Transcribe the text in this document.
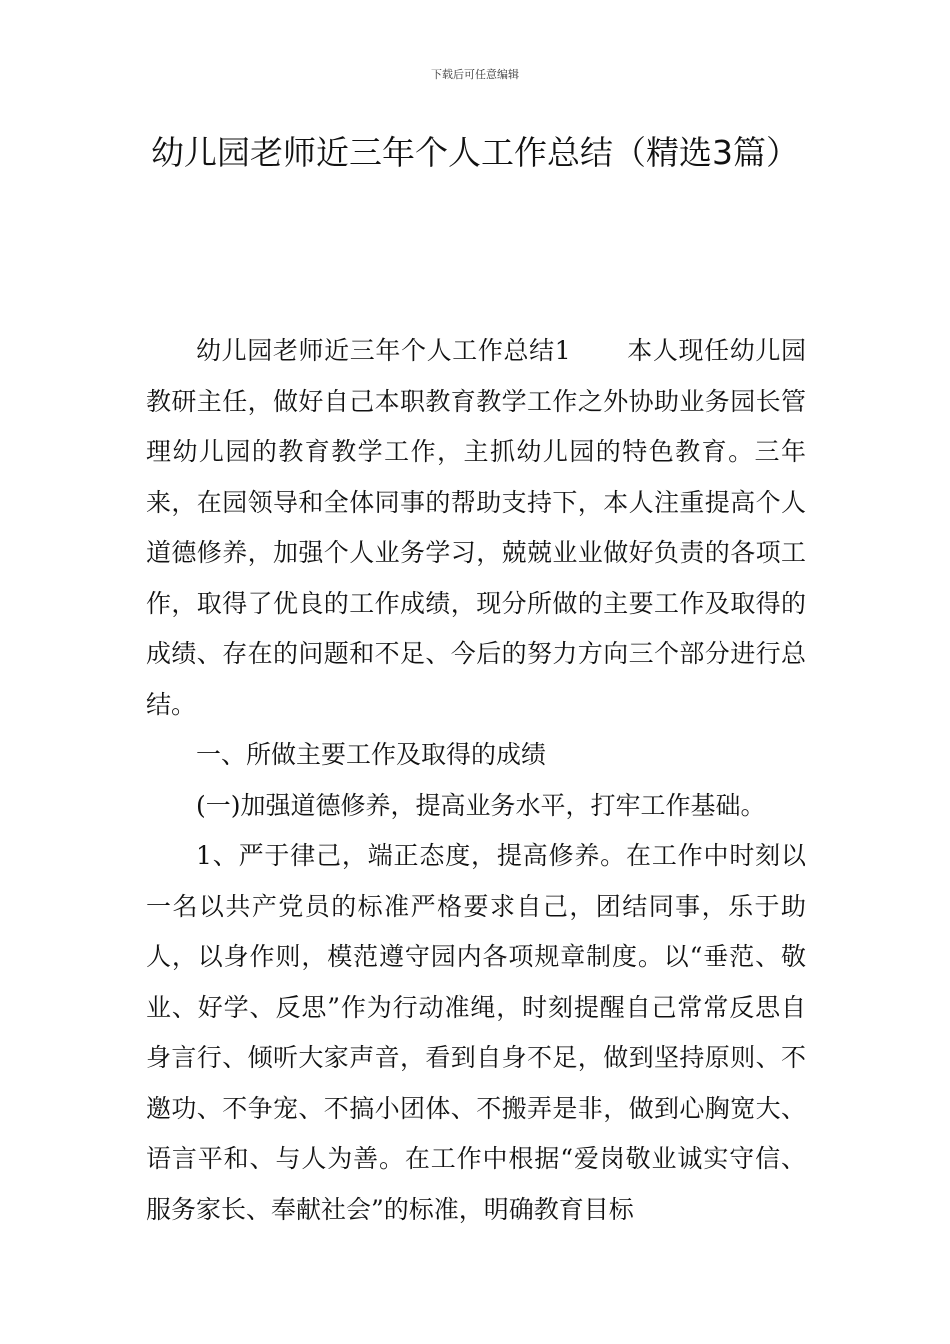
下载后可任意编辑
幼儿园老师近三年个人工作总结（精选3篇）

幼儿园老师近三年个人工作总结1 本人现任幼儿园教研主任，做好自己本职教育教学工作之外协助业务园长管理幼儿园的教育教学工作，主抓幼儿园的特色教育。三年来，在园领导和全体同事的帮助支持下，本人注重提高个人道德修养，加强个人业务学习，兢兢业业做好负责的各项工作，取得了优良的工作成绩，现分所做的主要工作及取得的成绩、存在的问题和不足、今后的努力方向三个部分进行总结。

一、所做主要工作及取得的成绩

(一)加强道德修养，提高业务水平，打牢工作基础。

1、严于律己，端正态度，提高修养。在工作中时刻以一名以共产党员的标准严格要求自己，团结同事，乐于助人，以身作则，模范遵守园内各项规章制度。以“垂范、敬业、好学、反思”作为行动准绳，时刻提醒自己常常反思自身言行、倾听大家声音，看到自身不足，做到坚持原则、不邀功、不争宠、不搞小团体、不搬弄是非，做到心胸宽大、语言平和、与人为善。在工作中根据“爱岗敬业诚实守信、服务家长、奉献社会”的标准，明确教育目标
